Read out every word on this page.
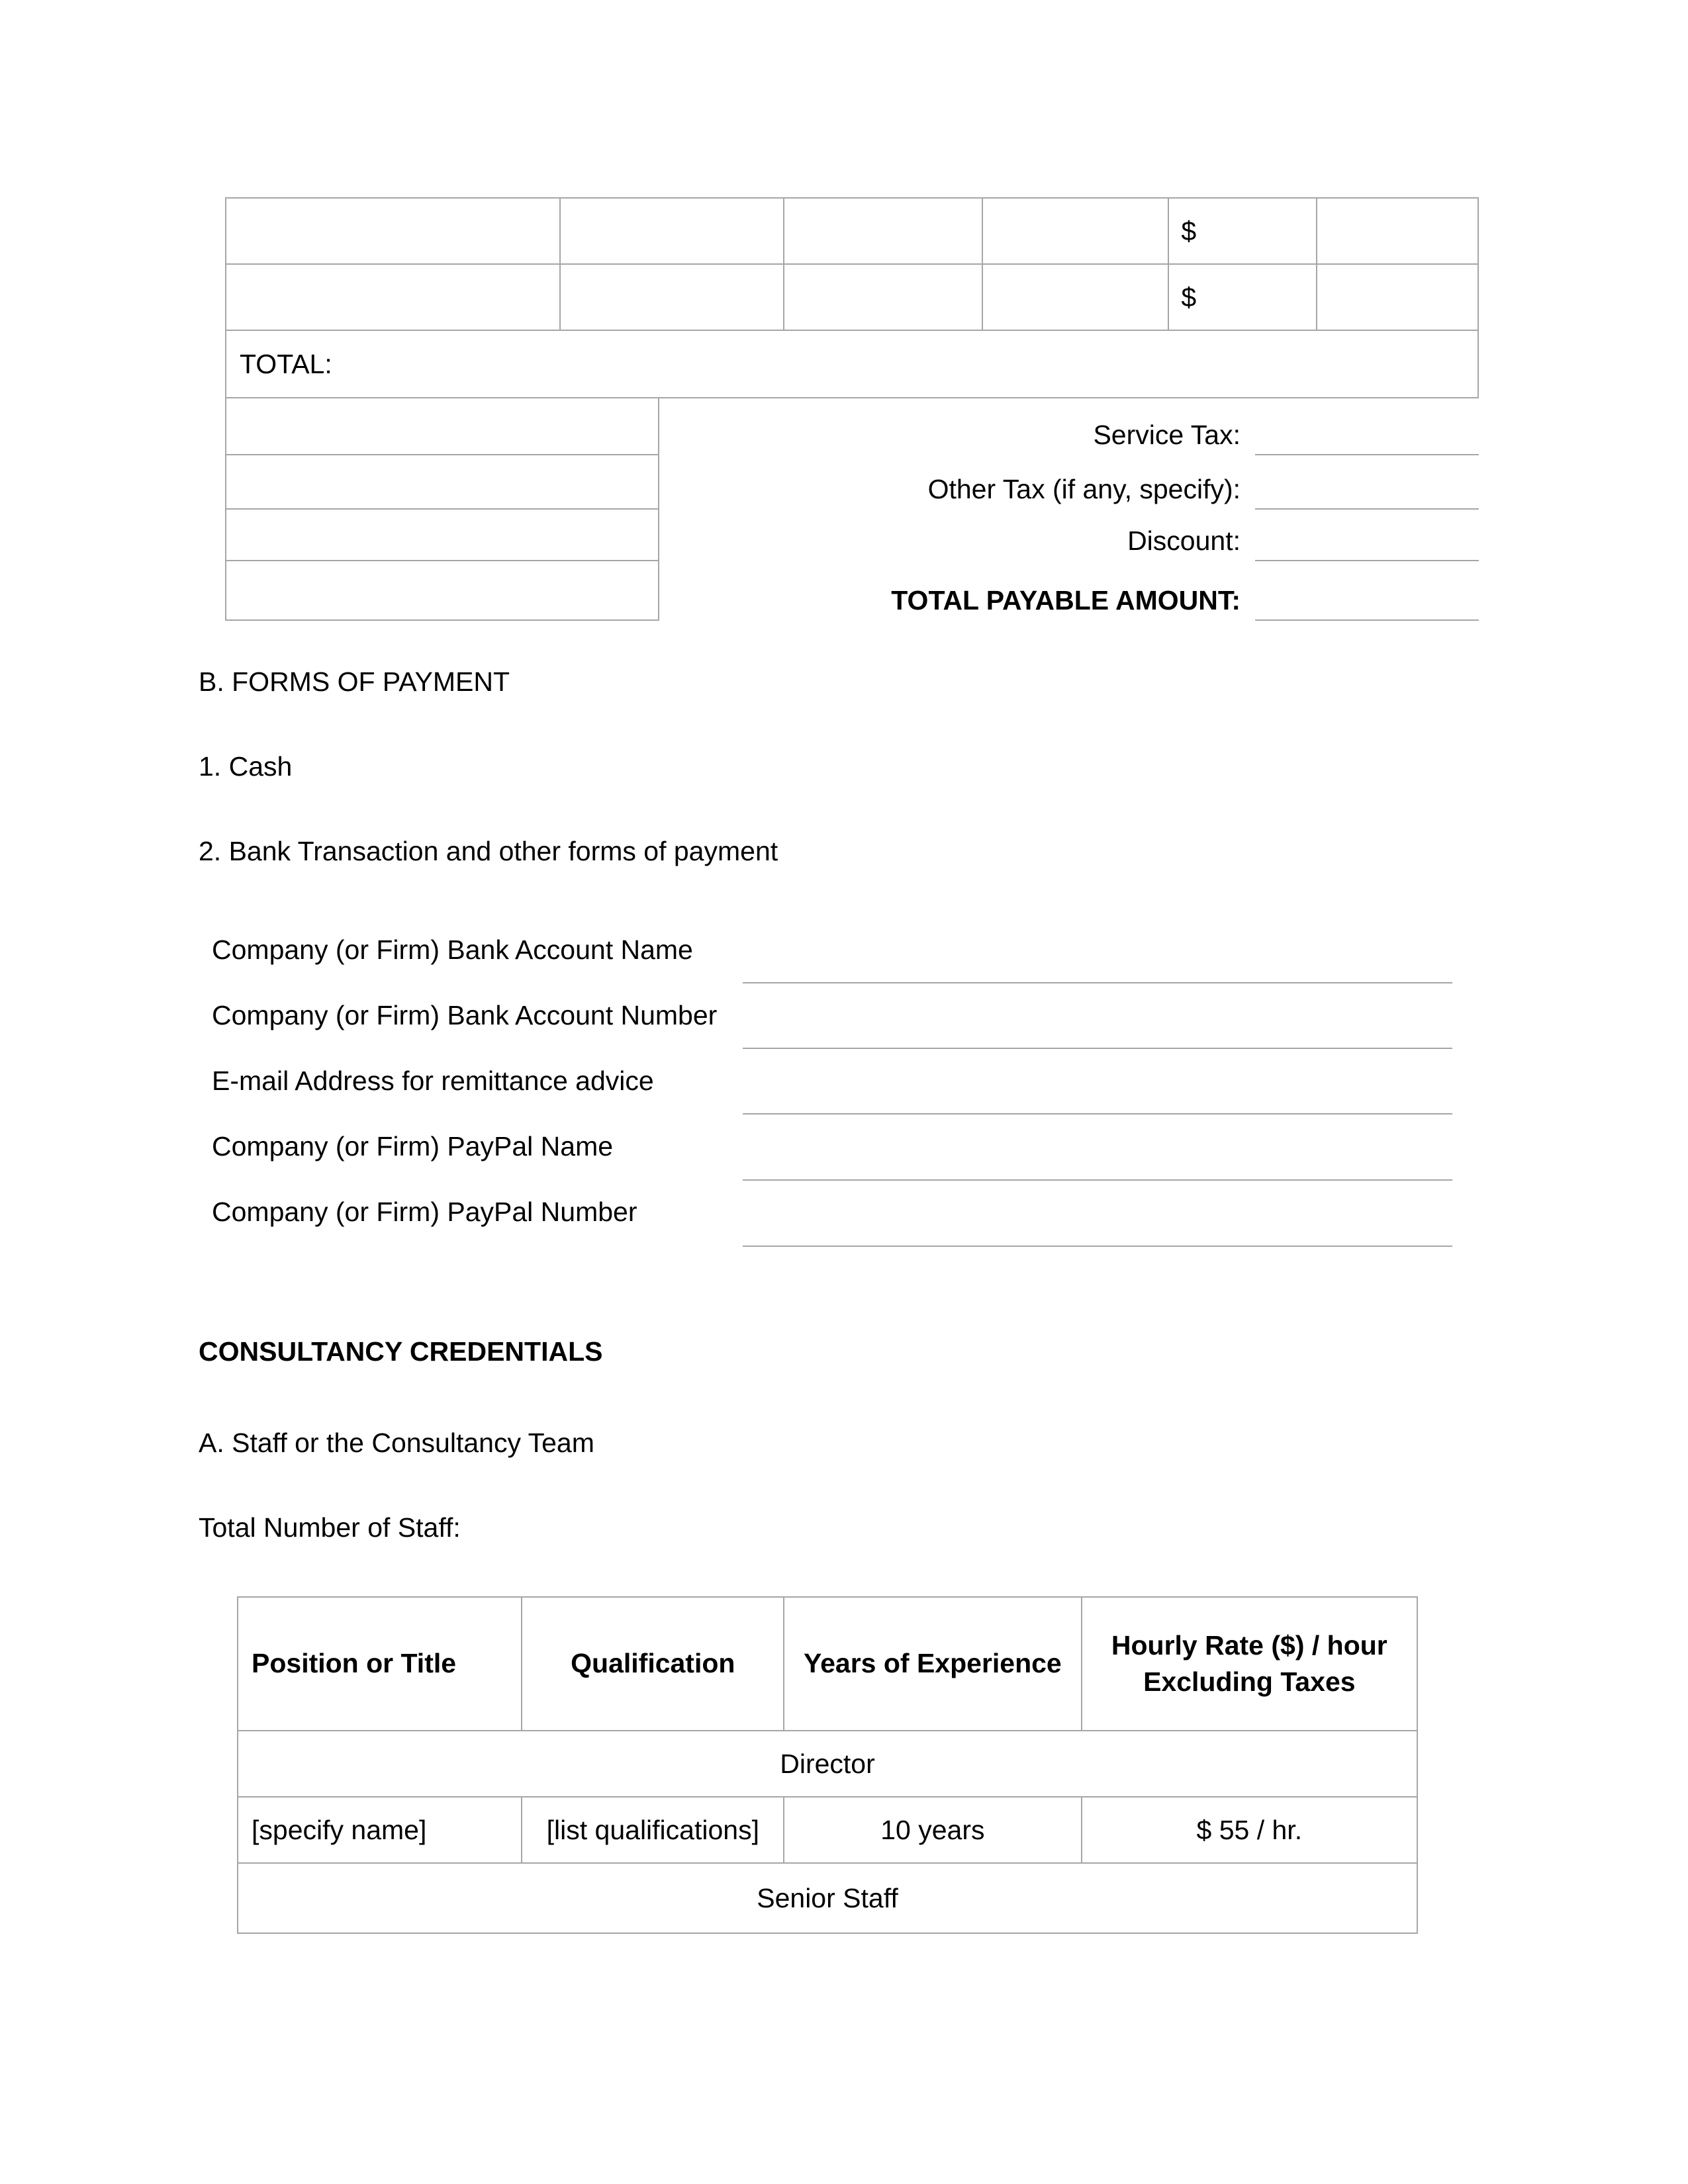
				$	
				$	
TOTAL:					
Service Tax:
Other Tax (if any, specify):
Discount:
TOTAL PAYABLE AMOUNT:
B. FORMS OF PAYMENT
1. Cash
2. Bank Transaction and other forms of payment
Company (or Firm) Bank Account Name
Company (or Firm) Bank Account Number
E-mail Address for remittance advice
Company (or Firm) PayPal Name
Company (or Firm) PayPal Number
CONSULTANCY CREDENTIALS
A. Staff or the Consultancy Team
Total Number of Staff:
Position or Title	Qualification	Years of Experience	Hourly Rate ($) / hour
Excluding Taxes

Director			
[specify name]	[list qualifications]	10 years	$ 55 / hr.
Senior Staff			
